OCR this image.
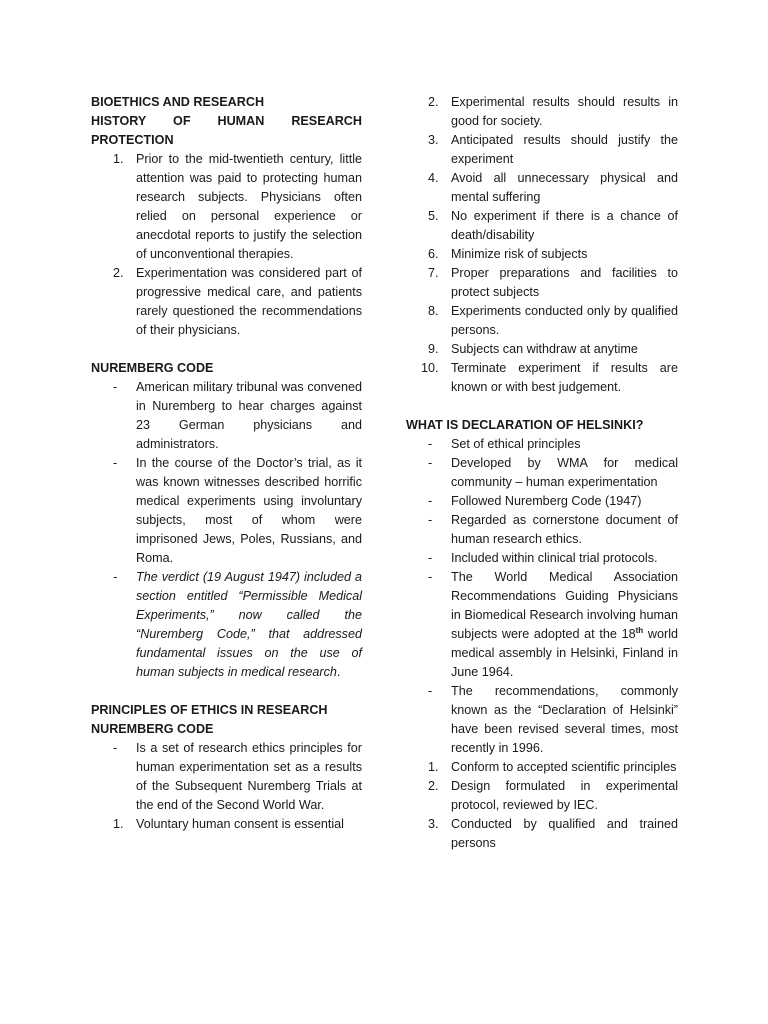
BIOETHICS AND RESEARCH
HISTORY OF HUMAN RESEARCH PROTECTION
1. Prior to the mid-twentieth century, little attention was paid to protecting human research subjects. Physicians often relied on personal experience or anecdotal reports to justify the selection of unconventional therapies.
2. Experimentation was considered part of progressive medical care, and patients rarely questioned the recommendations of their physicians.
NUREMBERG CODE
-	American military tribunal was convened in Nuremberg to hear charges against 23 German physicians and administrators.
-	In the course of the Doctor’s trial, as it was known witnesses described horrific medical experiments using involuntary subjects, most of whom were imprisoned Jews, Poles, Russians, and Roma.
-	The verdict (19 August 1947) included a section entitled “Permissible Medical Experiments,” now called the “Nuremberg Code,” that addressed fundamental issues on the use of human subjects in medical research.
PRINCIPLES OF ETHICS IN RESEARCH
NUREMBERG CODE
-	Is a set of research ethics principles for human experimentation set as a results of the Subsequent Nuremberg Trials at the end of the Second World War.
1. Voluntary human consent is essential
2. Experimental results should results in good for society.
3. Anticipated results should justify the experiment
4. Avoid all unnecessary physical and mental suffering
5. No experiment if there is a chance of death/disability
6. Minimize risk of subjects
7. Proper preparations and facilities to protect subjects
8. Experiments conducted only by qualified persons.
9. Subjects can withdraw at anytime
10. Terminate experiment if results are known or with best judgement.
WHAT IS DECLARATION OF HELSINKI?
-	Set of ethical principles
-	Developed by WMA for medical community – human experimentation
-	Followed Nuremberg Code (1947)
-	Regarded as cornerstone document of human research ethics.
-	Included within clinical trial protocols.
-	The World Medical Association Recommendations Guiding Physicians in Biomedical Research involving human subjects were adopted at the 18th world medical assembly in Helsinki, Finland in June 1964.
-	The recommendations, commonly known as the “Declaration of Helsinki” have been revised several times, most recently in 1996.
1. Conform to accepted scientific principles
2. Design formulated in experimental protocol, reviewed by IEC.
3. Conducted by qualified and trained persons
